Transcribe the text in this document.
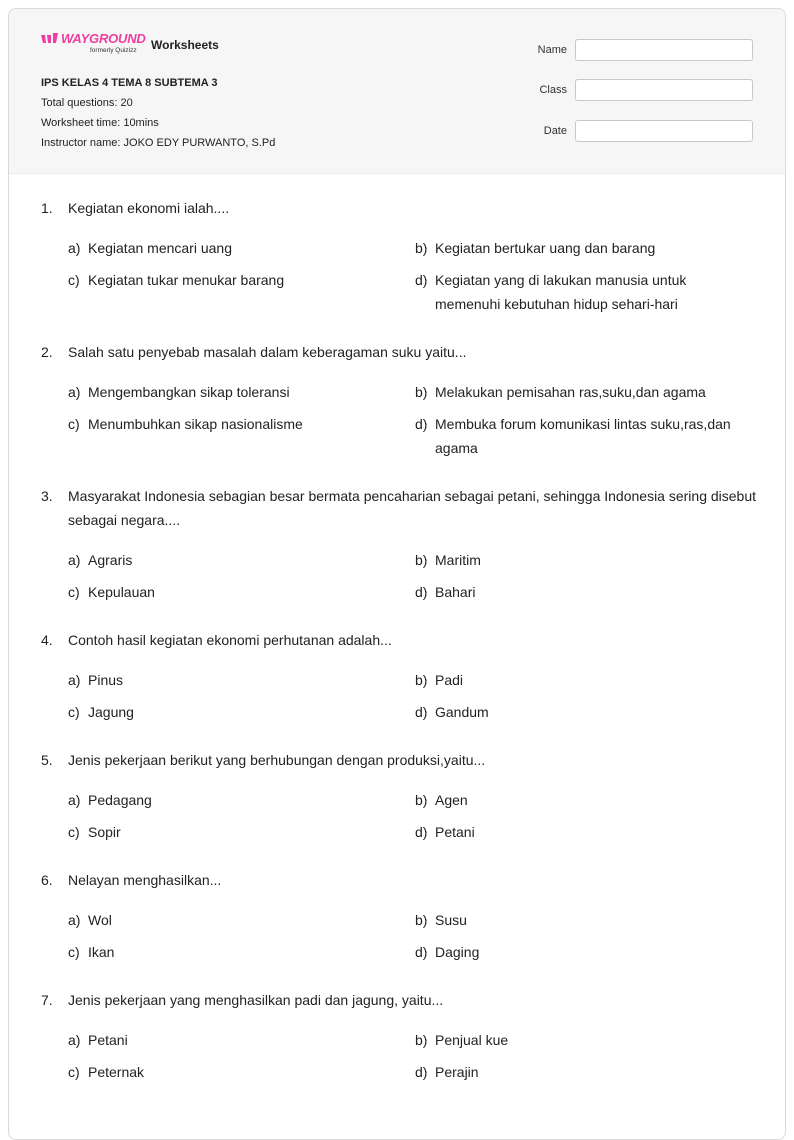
WAYGROUND
formerly Quizizz Worksheets
IPS KELAS 4 TEMA 8 SUBTEMA 3
Total questions: 20
Worksheet time: 10mins
Instructor name: JOKO EDY PURWANTO, S.Pd
Name
Class
Date
1.	Kegiatan ekonomi ialah....
a) Kegiatan mencari uang	b) Kegiatan bertukar uang dan barang
c) Kegiatan tukar menukar barang	d) Kegiatan yang di lakukan manusia untuk memenuhi kebutuhan hidup sehari-hari
2.	Salah satu penyebab masalah dalam keberagaman suku yaitu...
a) Mengembangkan sikap toleransi	b) Melakukan pemisahan ras,suku,dan agama
c) Menumbuhkan sikap nasionalisme	d) Membuka forum komunikasi lintas suku,ras,dan agama
3.	Masyarakat Indonesia sebagian besar bermata pencaharian sebagai petani, sehingga Indonesia sering disebut sebagai negara....
a) Agraris	b) Maritim
c) Kepulauan	d) Bahari
4.	Contoh hasil kegiatan ekonomi perhutanan adalah...
a) Pinus	b) Padi
c) Jagung	d) Gandum
5.	Jenis pekerjaan berikut yang berhubungan dengan produksi,yaitu...
a) Pedagang	b) Agen
c) Sopir	d) Petani
6.	Nelayan menghasilkan...
a) Wol	b) Susu
c) Ikan	d) Daging
7.	Jenis pekerjaan yang menghasilkan padi dan jagung, yaitu...
a) Petani	b) Penjual kue
c) Peternak	d) Perajin
